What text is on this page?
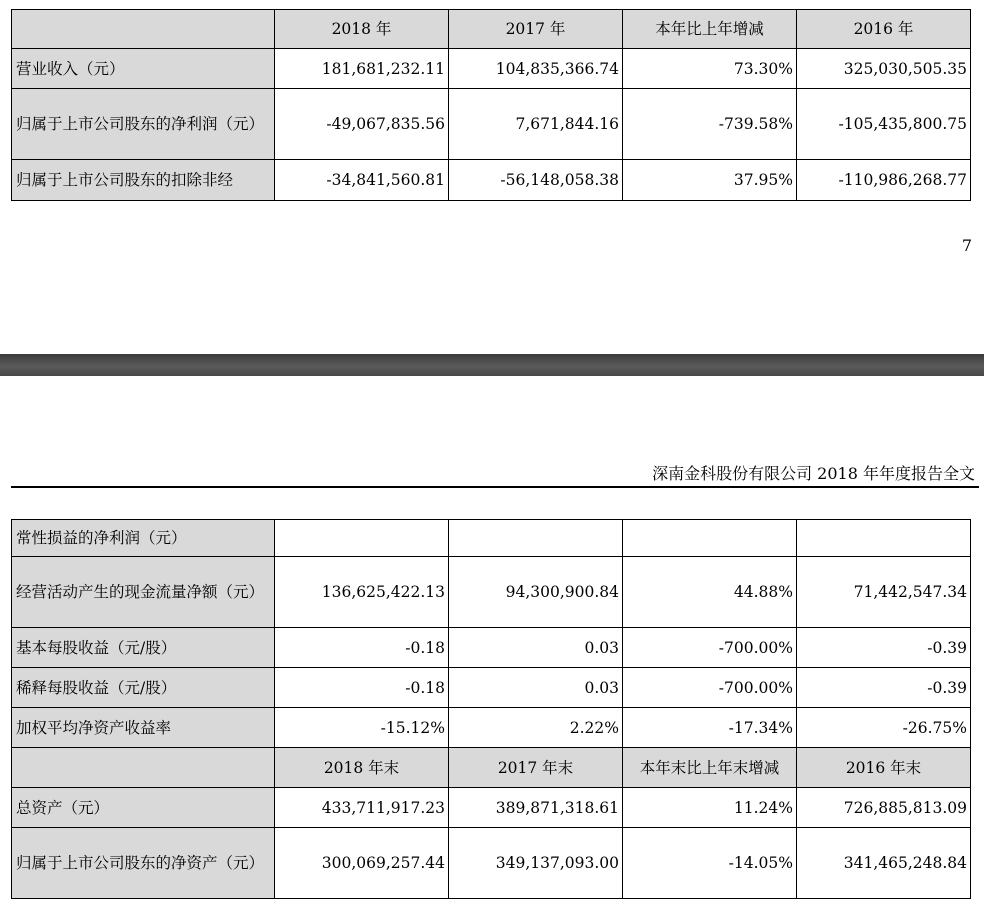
	2018 年	2017 年	本年比上年增减	2016 年
营业收入（元）	181,681,232.11	104,835,366.74	73.30%	325,030,505.35
归属于上市公司股东的净利润（元）	-49,067,835.56	7,671,844.16	-739.58%	-105,435,800.75
归属于上市公司股东的扣除非经	-34,841,560.81	-56,148,058.38	37.95%	-110,986,268.77
7
深南金科股份有限公司 2018 年年度报告全文
常性损益的净利润（元）				
经营活动产生的现金流量净额（元）	136,625,422.13	94,300,900.84	44.88%	71,442,547.34
基本每股收益（元/股）	-0.18	0.03	-700.00%	-0.39
稀释每股收益（元/股）	-0.18	0.03	-700.00%	-0.39
加权平均净资产收益率	-15.12%	2.22%	-17.34%	-26.75%
	2018 年末	2017 年末	本年末比上年末增减	2016 年末
总资产（元）	433,711,917.23	389,871,318.61	11.24%	726,885,813.09
归属于上市公司股东的净资产（元）	300,069,257.44	349,137,093.00	-14.05%	341,465,248.84
